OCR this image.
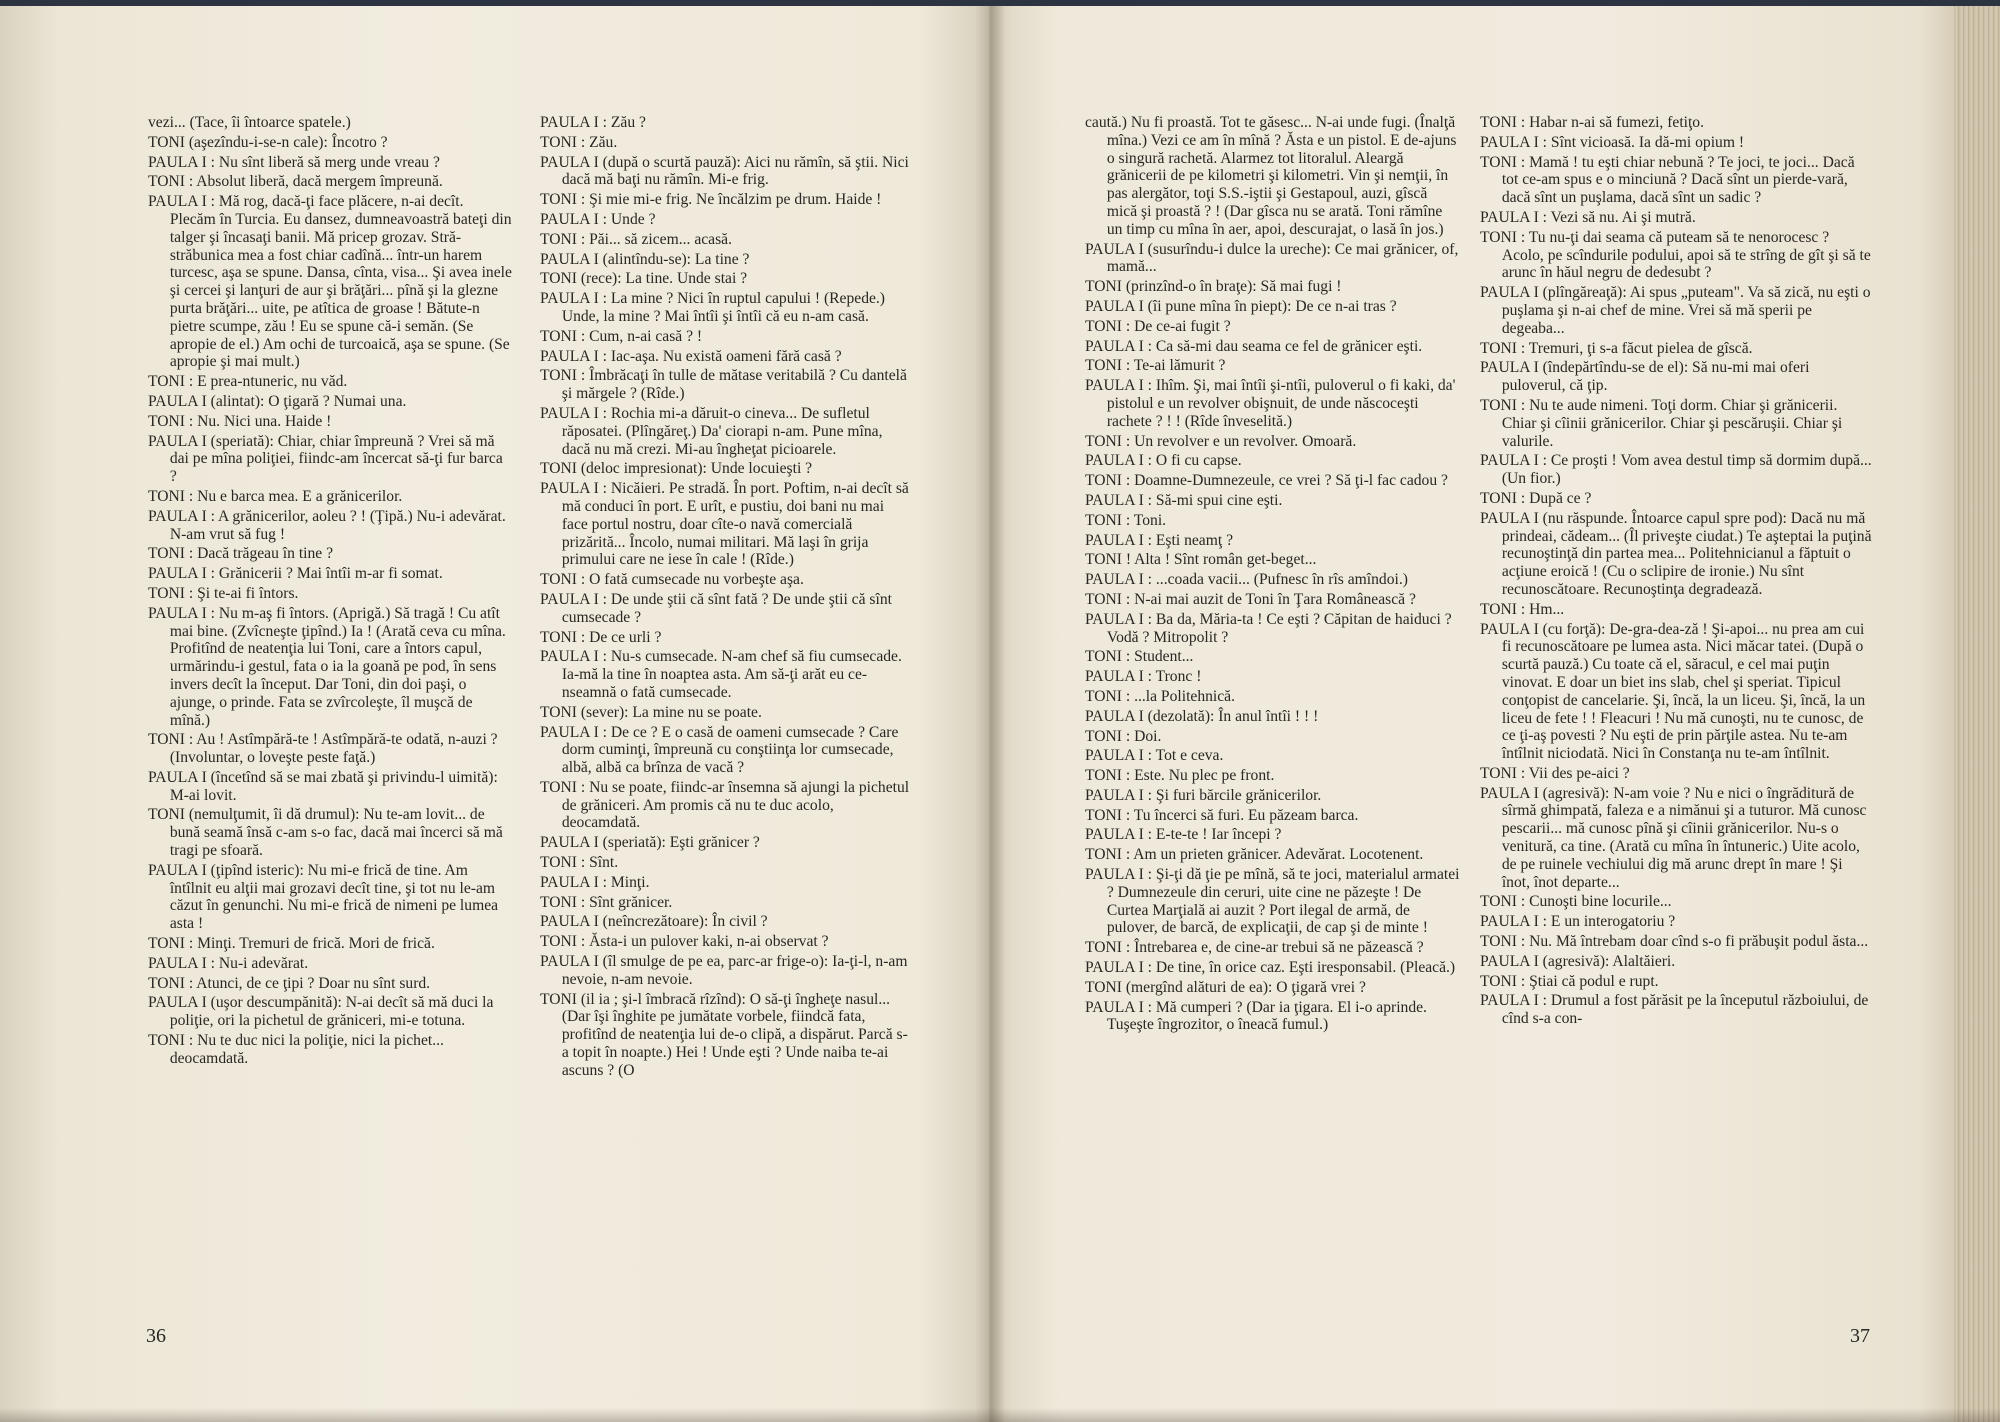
vezi... (Tace, îi întoarce spatele.)

TONI (aşezîndu-i-se-n cale): Încotro ?

PAULA I : Nu sînt liberă să merg unde vreau ?

TONI : Absolut liberă, dacă mergem împreună.

PAULA I : Mă rog, dacă-ţi face plăcere, n-ai decît. Plecăm în Turcia. Eu dansez, dumneavoastră bateţi din talger şi încasaţi banii. Mă pricep grozav. Stră-străbunica mea a fost chiar cadînă... într-un harem turcesc, aşa se spune. Dansa, cînta, visa... Şi avea inele şi cercei şi lanţuri de aur şi brăţări... pînă şi la glezne purta brăţări... uite, pe atîtica de groase ! Bătute-n pietre scumpe, zău ! Eu se spune că-i semăn. (Se apropie de el.) Am ochi de turcoaică, aşa se spune. (Se apropie şi mai mult.)

TONI : E prea-ntuneric, nu văd.

PAULA I (alintat): O ţigară ? Numai una.

TONI : Nu. Nici una. Haide !

PAULA I (speriată): Chiar, chiar împreună ? Vrei să mă dai pe mîna poliţiei, fiindc-am încercat să-ţi fur barca ?

TONI : Nu e barca mea. E a grănicerilor.

PAULA I : A grănicerilor, aoleu ? ! (Ţipă.) Nu-i adevărat. N-am vrut să fug !

TONI : Dacă trăgeau în tine ?

PAULA I : Grănicerii ? Mai întîi m-ar fi somat.

TONI : Şi te-ai fi întors.

PAULA I : Nu m-aş fi întors. (Aprigă.) Să tragă ! Cu atît mai bine. (Zvîcneşte ţipînd.) Ia ! (Arată ceva cu mîna. Profitînd de neatenţia lui Toni, care a întors capul, urmărindu-i gestul, fata o ia la goană pe pod, în sens invers decît la început. Dar Toni, din doi paşi, o ajunge, o prinde. Fata se zvîrcoleşte, îl muşcă de mînă.)

TONI : Au ! Astîmpără-te ! Astîmpără-te odată, n-auzi ? (Involuntar, o loveşte peste faţă.)

PAULA I (încetînd să se mai zbată şi privindu-l uimită): M-ai lovit.

TONI (nemulţumit, îi dă drumul): Nu te-am lovit... de bună seamă însă c-am s-o fac, dacă mai încerci să mă tragi pe sfoară.

PAULA I (ţipînd isteric): Nu mi-e frică de tine. Am întîlnit eu alţii mai grozavi decît tine, şi tot nu le-am căzut în genunchi. Nu mi-e frică de nimeni pe lumea asta !

TONI : Minţi. Tremuri de frică. Mori de frică.

PAULA I : Nu-i adevărat.

TONI : Atunci, de ce ţipi ? Doar nu sînt surd.

PAULA I (uşor descumpănită): N-ai decît să mă duci la poliţie, ori la pichetul de grăniceri, mi-e totuna.

TONI : Nu te duc nici la poliţie, nici la pichet... deocamdată.

PAULA I : Zău ?

TONI : Zău.

PAULA I (după o scurtă pauză): Aici nu rămîn, să ştii. Nici dacă mă baţi nu rămîn. Mi-e frig.

TONI : Şi mie mi-e frig. Ne încălzim pe drum. Haide !

PAULA I : Unde ?

TONI : Păi... să zicem... acasă.

PAULA I (alintîndu-se): La tine ?

TONI (rece): La tine. Unde stai ?

PAULA I : La mine ? Nici în ruptul capului ! (Repede.) Unde, la mine ? Mai întîi şi întîi că eu n-am casă.

TONI : Cum, n-ai casă ? !

PAULA I : Iac-aşa. Nu există oameni fără casă ?

TONI : Îmbrăcaţi în tulle de mătase veritabilă ? Cu dantelă şi mărgele ? (Rîde.)

PAULA I : Rochia mi-a dăruit-o cineva... De sufletul răposatei. (Plîngăreţ.) Da' ciorapi n-am. Pune mîna, dacă nu mă crezi. Mi-au îngheţat picioarele.

TONI (deloc impresionat): Unde locuieşti ?

PAULA I : Nicăieri. Pe stradă. În port. Poftim, n-ai decît să mă conduci în port. E urît, e pustiu, doi bani nu mai face portul nostru, doar cîte-o navă comercială prizărită... Încolo, numai militari. Mă laşi în grija primului care ne iese în cale ! (Rîde.)

TONI : O fată cumsecade nu vorbeşte aşa.

PAULA I : De unde ştii că sînt fată ? De unde ştii că sînt cumsecade ?

TONI : De ce urli ?

PAULA I : Nu-s cumsecade. N-am chef să fiu cumsecade. Ia-mă la tine în noaptea asta. Am să-ţi arăt eu ce-nseamnă o fată cumsecade.

TONI (sever): La mine nu se poate.

PAULA I : De ce ? E o casă de oameni cumsecade ? Care dorm cuminţi, împreună cu conştiinţa lor cumsecade, albă, albă ca brînza de vacă ?

TONI : Nu se poate, fiindc-ar însemna să ajungi la pichetul de grăniceri. Am promis că nu te duc acolo, deocamdată.

PAULA I (speriată): Eşti grănicer ?

TONI : Sînt.

PAULA I : Minţi.

TONI : Sînt grănicer.

PAULA I (neîncrezătoare): În civil ?

TONI : Ăsta-i un pulover kaki, n-ai observat ?

PAULA I (îl smulge de pe ea, parc-ar frige-o): Ia-ţi-l, n-am nevoie, n-am nevoie.

TONI (il ia ; şi-l îmbracă rîzînd): O să-ţi îngheţe nasul... (Dar îşi înghite pe jumătate vorbele, fiindcă fata, profitînd de neatenţia lui de-o clipă, a dispărut. Parcă s-a topit în noapte.) Hei ! Unde eşti ? Unde naiba te-ai ascuns ? (O

caută.) Nu fi proastă. Tot te găsesc... N-ai unde fugi. (Înalţă mîna.) Vezi ce am în mînă ? Ăsta e un pistol. E de-ajuns o singură rachetă. Alarmez tot litoralul. Aleargă grănicerii de pe kilometri şi kilometri. Vin şi nemţii, în pas alergător, toţi S.S.-iştii şi Gestapoul, auzi, gîscă mică şi proastă ? ! (Dar gîsca nu se arată. Toni rămîne un timp cu mîna în aer, apoi, descurajat, o lasă în jos.)

PAULA I (susurîndu-i dulce la ureche): Ce mai grănicer, of, mamă...

TONI (prinzînd-o în braţe): Să mai fugi !

PAULA I (îi pune mîna în piept): De ce n-ai tras ?

TONI : De ce-ai fugit ?

PAULA I : Ca să-mi dau seama ce fel de grănicer eşti.

TONI : Te-ai lămurit ?

PAULA I : Ihîm. Şi, mai întîi şi-ntîi, puloverul o fi kaki, da' pistolul e un revolver obişnuit, de unde născoceşti rachete ? ! ! (Rîde înveselită.)

TONI : Un revolver e un revolver. Omoară.

PAULA I : O fi cu capse.

TONI : Doamne-Dumnezeule, ce vrei ? Să ţi-l fac cadou ?

PAULA I : Să-mi spui cine eşti.

TONI : Toni.

PAULA I : Eşti neamţ ?

TONI ! Alta ! Sînt român get-beget...

PAULA I : ...coada vacii... (Pufnesc în rîs amîndoi.)

TONI : N-ai mai auzit de Toni în Ţara Românească ?

PAULA I : Ba da, Măria-ta ! Ce eşti ? Căpitan de haiduci ? Vodă ? Mitropolit ?

TONI : Student...

PAULA I : Tronc !

TONI : ...la Politehnică.

PAULA I (dezolată): În anul întîi ! ! !

TONI : Doi.

PAULA I : Tot e ceva.

TONI : Este. Nu plec pe front.

PAULA I : Şi furi bărcile grănicerilor.

TONI : Tu încerci să furi. Eu păzeam barca.

PAULA I : E-te-te ! Iar începi ?

TONI : Am un prieten grănicer. Adevărat. Locotenent.

PAULA I : Şi-ţi dă ţie pe mînă, să te joci, materialul armatei ? Dumnezeule din ceruri, uite cine ne păzeşte ! De Curtea Marţială ai auzit ? Port ilegal de armă, de pulover, de barcă, de explicaţii, de cap şi de minte !

TONI : Întrebarea e, de cine-ar trebui să ne păzească ?

PAULA I : De tine, în orice caz. Eşti iresponsabil. (Pleacă.)

TONI (mergînd alături de ea): O ţigară vrei ?

PAULA I : Mă cumperi ? (Dar ia ţigara. El i-o aprinde. Tuşeşte îngrozitor, o îneacă fumul.)

TONI : Habar n-ai să fumezi, fetiţo.

PAULA I : Sînt vicioasă. Ia dă-mi opium !

TONI : Mamă ! tu eşti chiar nebună ? Te joci, te joci... Dacă tot ce-am spus e o minciună ? Dacă sînt un pierde-vară, dacă sînt un puşlama, dacă sînt un sadic ?

PAULA I : Vezi să nu. Ai şi mutră.

TONI : Tu nu-ţi dai seama că puteam să te nenorocesc ? Acolo, pe scîndurile podului, apoi să te strîng de gît şi să te arunc în hăul negru de dedesubt ?

PAULA I (plîngăreaţă): Ai spus „puteam". Va să zică, nu eşti o puşlama şi n-ai chef de mine. Vrei să mă sperii pe degeaba...

TONI : Tremuri, ţi s-a făcut pielea de gîscă.

PAULA I (îndepărtîndu-se de el): Să nu-mi mai oferi puloverul, că ţip.

TONI : Nu te aude nimeni. Toţi dorm. Chiar şi grănicerii. Chiar şi cîinii grănicerilor. Chiar şi pescăruşii. Chiar şi valurile.

PAULA I : Ce proşti ! Vom avea destul timp să dormim după... (Un fior.)

TONI : După ce ?

PAULA I (nu răspunde. Întoarce capul spre pod): Dacă nu mă prindeai, cădeam... (Îl priveşte ciudat.) Te aşteptai la puţină recunoştinţă din partea mea... Politehnicianul a făptuit o acţiune eroică ! (Cu o sclipire de ironie.) Nu sînt recunoscătoare. Recunoştinţa degradează.

TONI : Hm...

PAULA I (cu forţă): De-gra-dea-ză ! Şi-apoi... nu prea am cui fi recunoscătoare pe lumea asta. Nici măcar tatei. (După o scurtă pauză.) Cu toate că el, săracul, e cel mai puţin vinovat. E doar un biet ins slab, chel şi speriat. Tipicul conţopist de cancelarie. Şi, încă, la un liceu. Şi, încă, la un liceu de fete ! ! Fleacuri ! Nu mă cunoşti, nu te cunosc, de ce ţi-aş povesti ? Nu eşti de prin părţile astea. Nu te-am întîlnit niciodată. Nici în Constanţa nu te-am întîlnit.

TONI : Vii des pe-aici ?

PAULA I (agresivă): N-am voie ? Nu e nici o îngrăditură de sîrmă ghimpată, faleza e a nimănui şi a tuturor. Mă cunosc pescarii... mă cunosc pînă şi cîinii grănicerilor. Nu-s o venitură, ca tine. (Arată cu mîna în întuneric.) Uite acolo, de pe ruinele vechiului dig mă arunc drept în mare ! Şi înot, înot departe...

TONI : Cunoşti bine locurile...

PAULA I : E un interogatoriu ?

TONI : Nu. Mă întrebam doar cînd s-o fi prăbuşit podul ăsta...

PAULA I (agresivă): Alaltăieri.

TONI : Ştiai că podul e rupt.

PAULA I : Drumul a fost părăsit pe la începutul războiului, de cînd s-a con-

36	37
